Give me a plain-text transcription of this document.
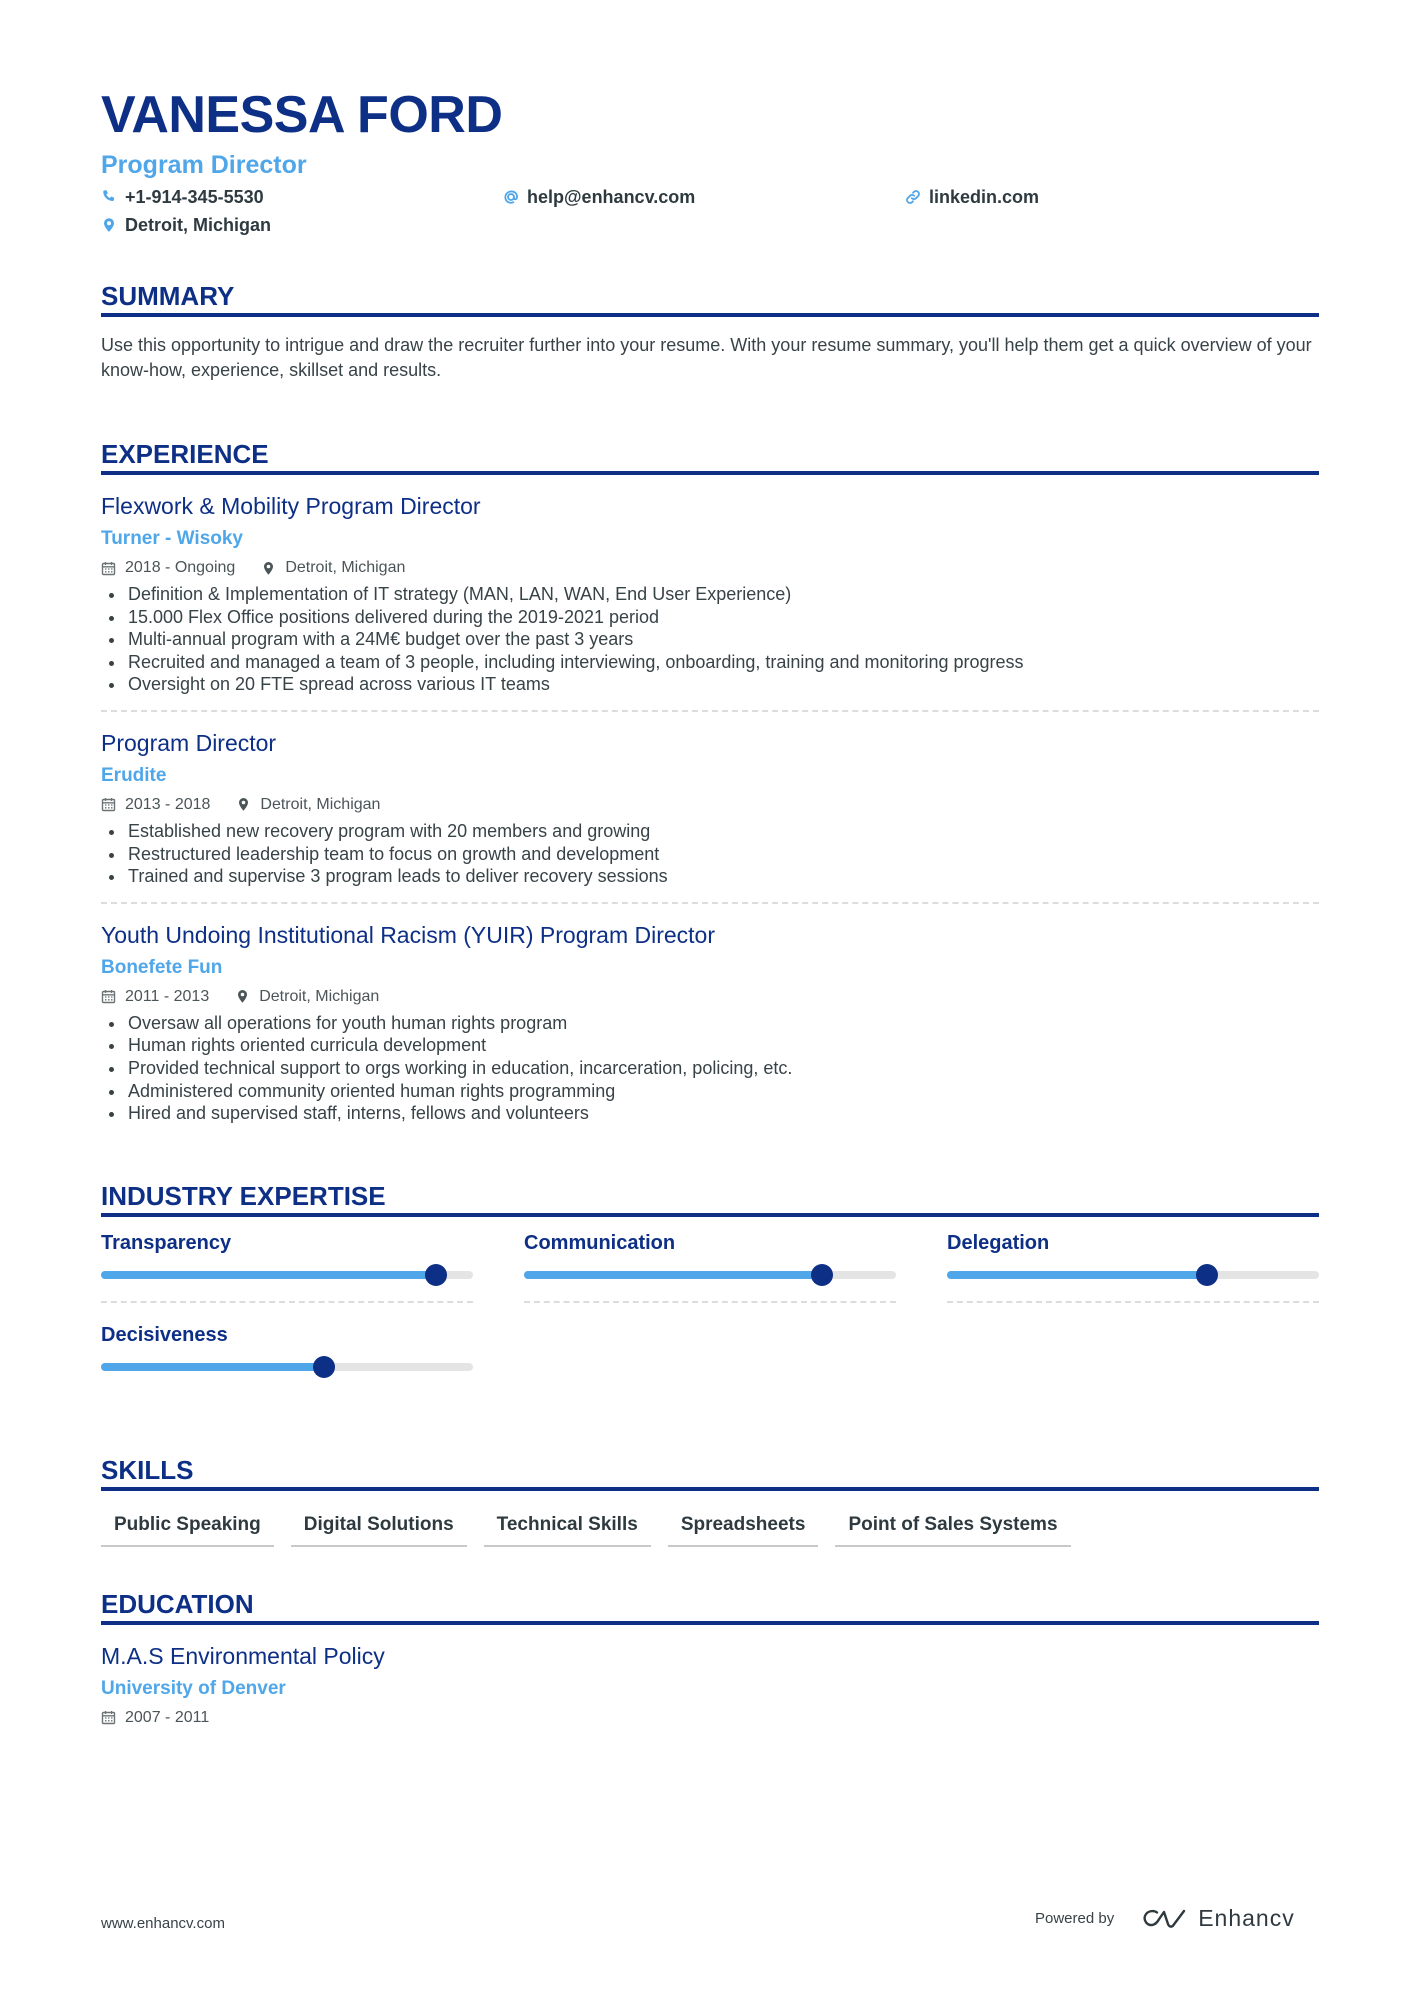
VANESSA FORD
Program Director
+1-914-345-5530	help@enhancv.com	linkedin.com
Detroit, Michigan
SUMMARY
Use this opportunity to intrigue and draw the recruiter further into your resume. With your resume summary, you'll help them get a quick overview of your know-how, experience, skillset and results.
EXPERIENCE
Flexwork & Mobility Program Director
Turner - Wisoky
2018 - Ongoing	Detroit, Michigan
Definition & Implementation of IT strategy (MAN, LAN, WAN, End User Experience)
15.000 Flex Office positions delivered during the 2019-2021 period
Multi-annual program with a 24M€ budget over the past 3 years
Recruited and managed a team of 3 people, including interviewing, onboarding, training and monitoring progress
Oversight on 20 FTE spread across various IT teams
Program Director
Erudite
2013 - 2018	Detroit, Michigan
Established new recovery program with 20 members and growing
Restructured leadership team to focus on growth and development
Trained and supervise 3 program leads to deliver recovery sessions
Youth Undoing Institutional Racism (YUIR) Program Director
Bonefete Fun
2011 - 2013	Detroit, Michigan
Oversaw all operations for youth human rights program
Human rights oriented curricula development
Provided technical support to orgs working in education, incarceration, policing, etc.
Administered community oriented human rights programming
Hired and supervised staff, interns, fellows and volunteers
INDUSTRY EXPERTISE
Transparency	Communication	Delegation
Decisiveness
SKILLS
Public Speaking	Digital Solutions	Technical Skills	Spreadsheets	Point of Sales Systems
EDUCATION
M.A.S Environmental Policy
University of Denver
2007 - 2011
www.enhancv.com	Powered by	Enhancv
